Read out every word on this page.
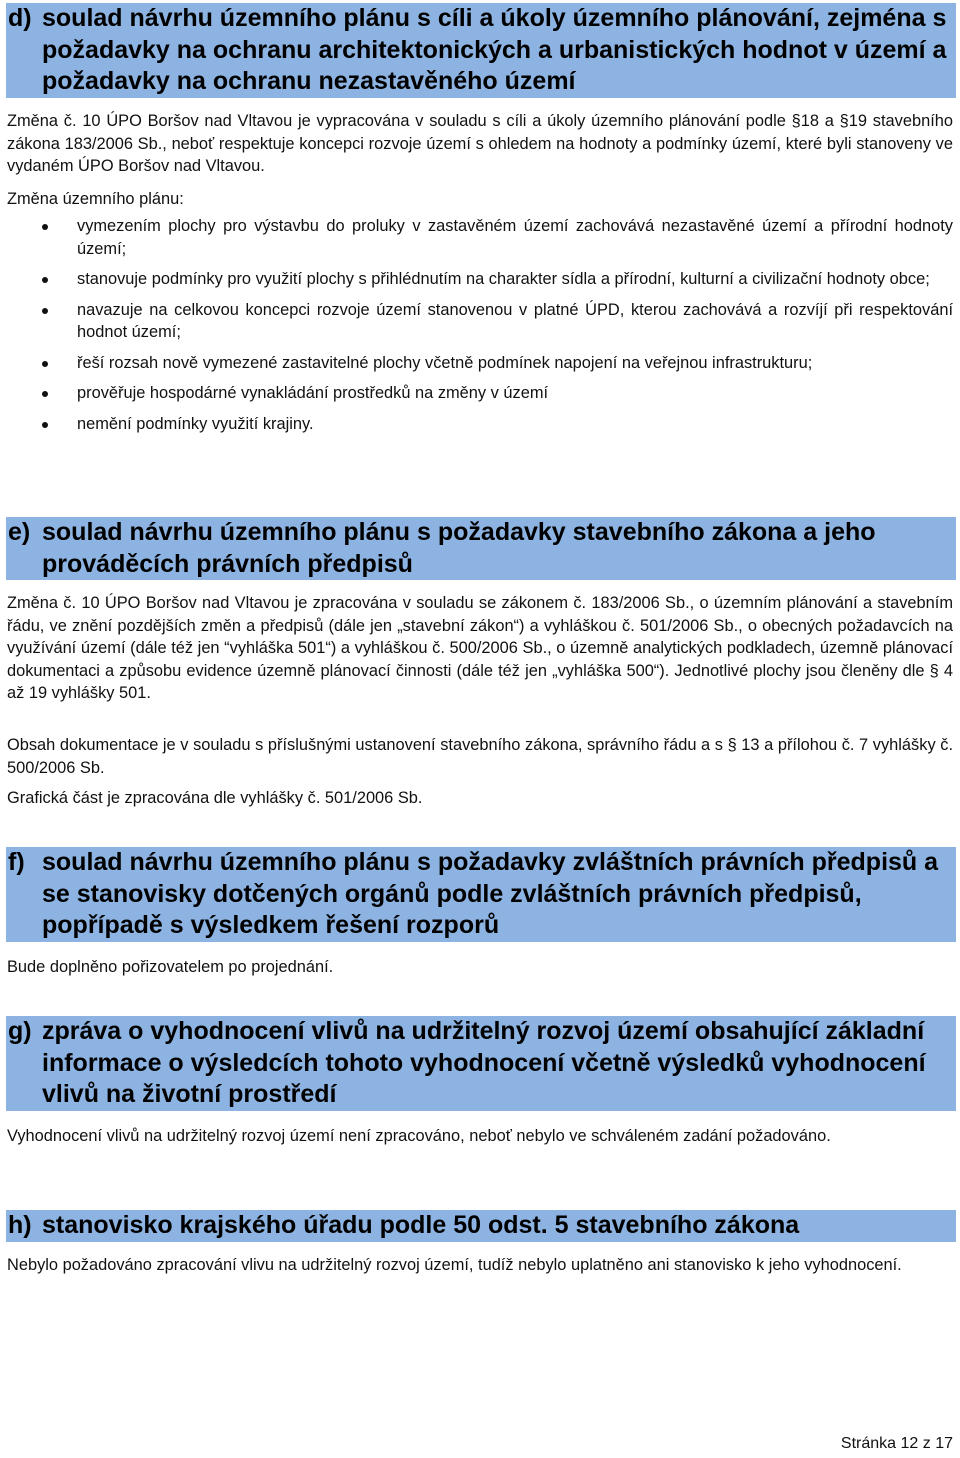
d) soulad návrhu územního plánu s cíli a úkoly územního plánování, zejména s požadavky na ochranu architektonických a urbanistických hodnot v území a požadavky na ochranu nezastavěného území

Změna č. 10 ÚPO Boršov nad Vltavou je vypracována v souladu s cíli a úkoly územního plánování podle §18 a §19 stavebního zákona 183/2006 Sb., neboť respektuje koncepci rozvoje území s ohledem na hodnoty a podmínky území, které byli stanoveny ve vydaném ÚPO Boršov nad Vltavou.

Změna územního plánu:

vymezením plochy pro výstavbu do proluky v zastavěném území zachovává nezastavěné území a přírodní hodnoty území;
stanovuje podmínky pro využití plochy s přihlédnutím na charakter sídla a přírodní, kulturní a civilizační hodnoty obce;
navazuje na celkovou koncepci rozvoje území stanovenou v platné ÚPD, kterou zachovává a rozvíjí při respektování hodnot území;
řeší rozsah nově vymezené zastavitelné plochy včetně podmínek napojení na veřejnou infrastrukturu;
prověřuje hospodárné vynakládání prostředků na změny v území
nemění podmínky využití krajiny.
e) soulad návrhu územního plánu s požadavky stavebního zákona a jeho prováděcích právních předpisů

Změna č. 10 ÚPO Boršov nad Vltavou je zpracována v souladu se zákonem č. 183/2006 Sb., o územním plánování a stavebním řádu, ve znění pozdějších změn a předpisů (dále jen „stavební zákon“) a vyhláškou č. 501/2006 Sb., o obecných požadavcích na využívání území (dále též jen “vyhláška 501“) a vyhláškou č. 500/2006 Sb., o územně analytických podkladech, územně plánovací dokumentaci a způsobu evidence územně plánovací činnosti (dále též jen „vyhláška 500“). Jednotlivé plochy jsou členěny dle § 4 až 19 vyhlášky 501.

Obsah dokumentace je v souladu s příslušnými ustanovení stavebního zákona, správního řádu a s § 13 a přílohou č. 7 vyhlášky č. 500/2006 Sb.

Grafická část je zpracována dle vyhlášky č. 501/2006 Sb.

f) soulad návrhu územního plánu s požadavky zvláštních právních předpisů a se stanovisky dotčených orgánů podle zvláštních právních předpisů, popřípadě s výsledkem řešení rozporů

Bude doplněno pořizovatelem po projednání.

g) zpráva o vyhodnocení vlivů na udržitelný rozvoj území obsahující základní informace o výsledcích tohoto vyhodnocení včetně výsledků vyhodnocení vlivů na životní prostředí

Vyhodnocení vlivů na udržitelný rozvoj území není zpracováno, neboť nebylo ve schváleném zadání požadováno.

h) stanovisko krajského úřadu podle 50 odst. 5 stavebního zákona

Nebylo požadováno zpracování vlivu na udržitelný rozvoj území, tudíž nebylo uplatněno ani stanovisko k jeho vyhodnocení.

Stránka 12 z 17
